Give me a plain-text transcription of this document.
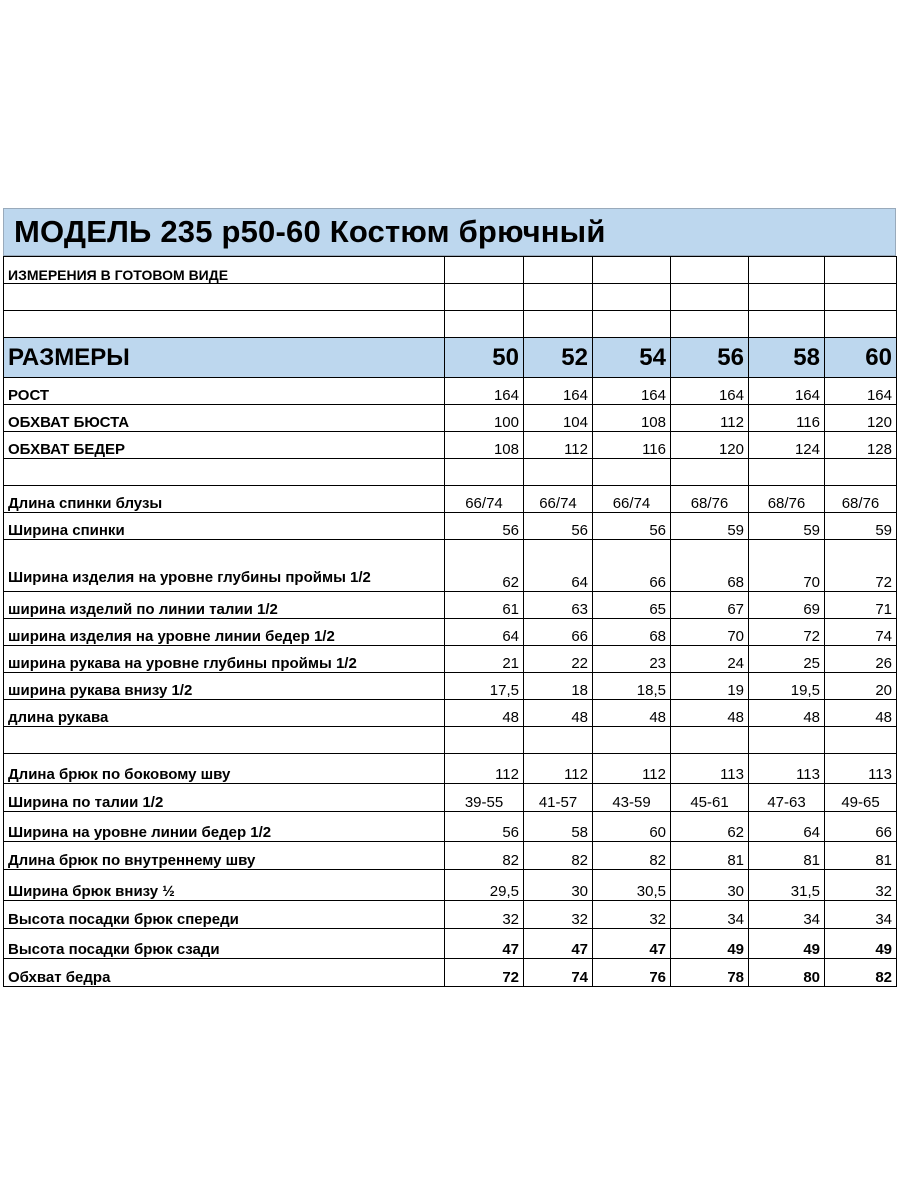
МОДЕЛЬ 235 р50-60 Костюм брючный
ИЗМЕРЕНИЯ В ГОТОВОМ ВИДЕ						

РАЗМЕРЫ	50	52	54	56	58	60
РОСТ	164	164	164	164	164	164
ОБХВАТ БЮСТА	100	104	108	112	116	120
ОБХВАТ БЕДЕР	108	112	116	120	124	128

Длина спинки блузы	66/74	66/74	66/74	68/76	68/76	68/76
Ширина спинки	56	56	56	59	59	59
Ширина изделия на уровне глубины проймы 1/2	62	64	66	68	70	72
ширина изделий по линии талии 1/2	61	63	65	67	69	71
ширина изделия на уровне линии бедер 1/2	64	66	68	70	72	74
ширина рукава на уровне глубины проймы 1/2	21	22	23	24	25	26
ширина рукава внизу 1/2	17,5	18	18,5	19	19,5	20
длина рукава	48	48	48	48	48	48

Длина брюк по боковому шву	112	112	112	113	113	113
Ширина по талии 1/2	39-55	41-57	43-59	45-61	47-63	49-65
Ширина на уровне линии бедер 1/2	56	58	60	62	64	66
Длина брюк по внутреннему шву	82	82	82	81	81	81
Ширина брюк внизу ½	29,5	30	30,5	30	31,5	32
Высота посадки брюк спереди	32	32	32	34	34	34
Высота посадки брюк сзади	47	47	47	49	49	49
Обхват бедра	72	74	76	78	80	82
